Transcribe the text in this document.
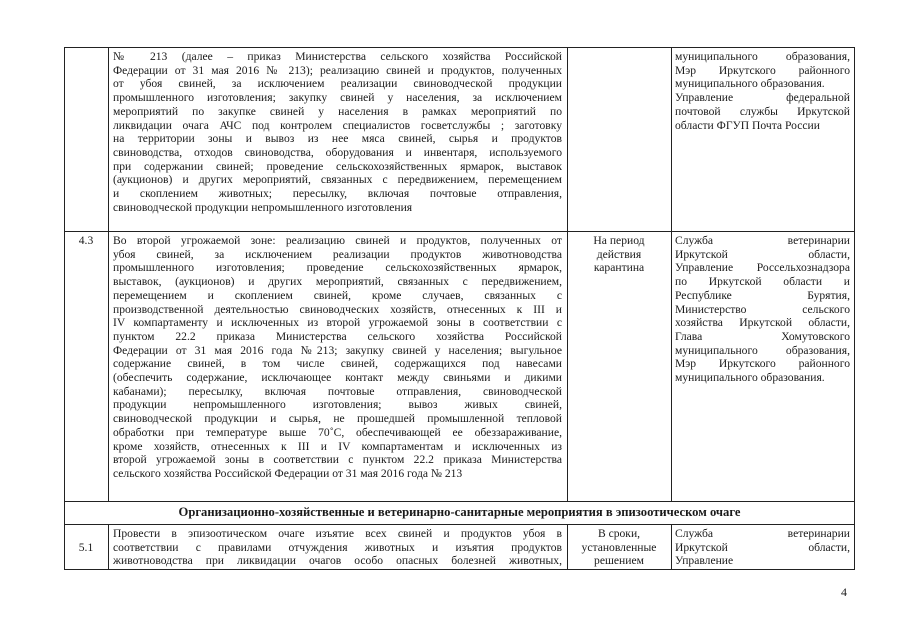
№ 213 (далее – приказ Министерства сельского хозяйства Российской
Федерации от 31 мая 2016 № 213); реализацию свиней и продуктов, полученных
от убоя свиней, за исключением реализации свиноводческой продукции
промышленного изготовления; закупку свиней у населения, за исключением
мероприятий по закупке свиней у населения в рамках мероприятий по
ликвидации очага АЧС под контролем специалистов госветслужбы ; заготовку
на территории зоны и вывоз из нее мяса свиней, сырья и продуктов
свиноводства, отходов свиноводства, оборудования и инвентаря, используемого
при содержании свиней; проведение сельскохозяйственных ярмарок, выставок
(аукционов) и других мероприятий, связанных с передвижением, перемещением
и скоплением животных; пересылку, включая почтовые отправления,
свиноводческой продукции непромышленного изготовления
муниципального образования,
Мэр Иркутского районного
муниципального образования.
Управление федеральной
почтовой службы Иркутской
области ФГУП Почта России
4.3	Во второй угрожаемой зоне: реализацию свиней и продуктов, полученных от
убоя свиней, за исключением реализации продуктов животноводства
промышленного изготовления; проведение сельскохозяйственных ярмарок,
выставок, (аукционов) и других мероприятий, связанных с передвижением,
перемещением и скоплением свиней, кроме случаев, связанных с
производственной деятельностью свиноводческих хозяйств, отнесенных к III и
IV компартаменту и исключенных из второй угрожаемой зоны в соответствии с
пунктом 22.2 приказа Министерства сельского хозяйства Российской
Федерации от 31 мая 2016 года №213; закупку свиней у населения; выгульное
содержание свиней, в том числе свиней, содержащихся под навесами
(обеспечить содержание, исключающее контакт между свиньями и дикими
кабанами); пересылку, включая почтовые отправления, свиноводческой
продукции непромышленного изготовления; вывоз живых свиней,
свиноводческой продукции и сырья, не прошедшей промышленной тепловой
обработки при температуре выше 70˚С, обеспечивающей ее обеззараживание,
кроме хозяйств, отнесенных к III и IV компартаментам и исключенных из
второй угрожаемой зоны в соответствии с пунктом 22.2 приказа Министерства
сельского хозяйства Российской Федерации от 31 мая 2016 года № 213
На период
действия
карантина
Служба ветеринарии
Иркутской области,
Управление Россельхознадзора
по Иркутской области и
Республике Бурятия,
Министерство сельского
хозяйства Иркутской области,
Глава Хомутовского
муниципального образования,
Мэр Иркутского районного
муниципального образования.
Организационно-хозяйственные и ветеринарно-санитарные мероприятия в эпизоотическом очаге
5.1
Провести в эпизоотическом очаге изъятие всех свиней и продуктов убоя в
соответствии с правилами отчуждения животных и изъятия продуктов
животноводства при ликвидации очагов особо опасных болезней животных,
В сроки,
установленные
решением
Служба ветеринарии
Иркутской области,
Управление
4
